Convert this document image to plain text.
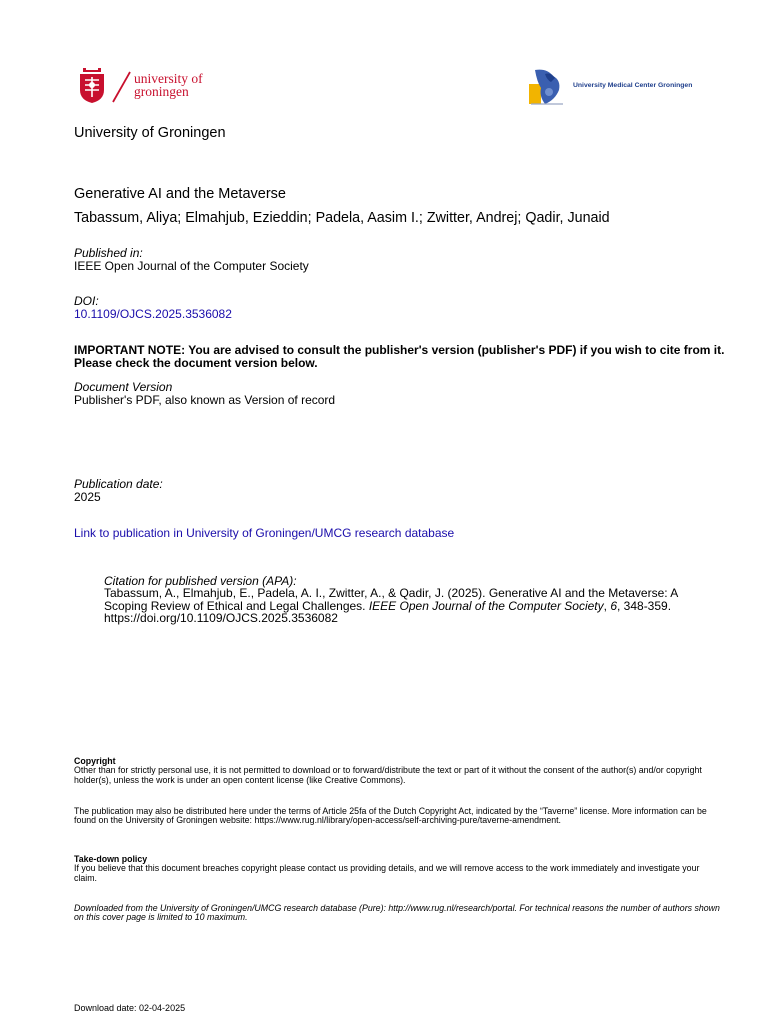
university of
groningen	University Medical Center Groningen
University of Groningen
Generative AI and the Metaverse
Tabassum, Aliya; Elmahjub, Ezieddin; Padela, Aasim I.; Zwitter, Andrej; Qadir, Junaid
Published in:
IEEE Open Journal of the Computer Society
DOI:
10.1109/OJCS.2025.3536082
IMPORTANT NOTE: You are advised to consult the publisher's version (publisher's PDF) if you wish to cite from it. Please check the document version below.
Document Version
Publisher's PDF, also known as Version of record
Publication date:
2025
Link to publication in University of Groningen/UMCG research database
Citation for published version (APA):
Tabassum, A., Elmahjub, E., Padela, A. I., Zwitter, A., & Qadir, J. (2025). Generative AI and the Metaverse: A Scoping Review of Ethical and Legal Challenges. IEEE Open Journal of the Computer Society, 6, 348-359. https://doi.org/10.1109/OJCS.2025.3536082
Copyright
Other than for strictly personal use, it is not permitted to download or to forward/distribute the text or part of it without the consent of the author(s) and/or copyright holder(s), unless the work is under an open content license (like Creative Commons).
The publication may also be distributed here under the terms of Article 25fa of the Dutch Copyright Act, indicated by the “Taverne” license. More information can be found on the University of Groningen website: https://www.rug.nl/library/open-access/self-archiving-pure/taverne-amendment.
Take-down policy
If you believe that this document breaches copyright please contact us providing details, and we will remove access to the work immediately and investigate your claim.
Downloaded from the University of Groningen/UMCG research database (Pure): http://www.rug.nl/research/portal. For technical reasons the number of authors shown on this cover page is limited to 10 maximum.
Download date: 02-04-2025
